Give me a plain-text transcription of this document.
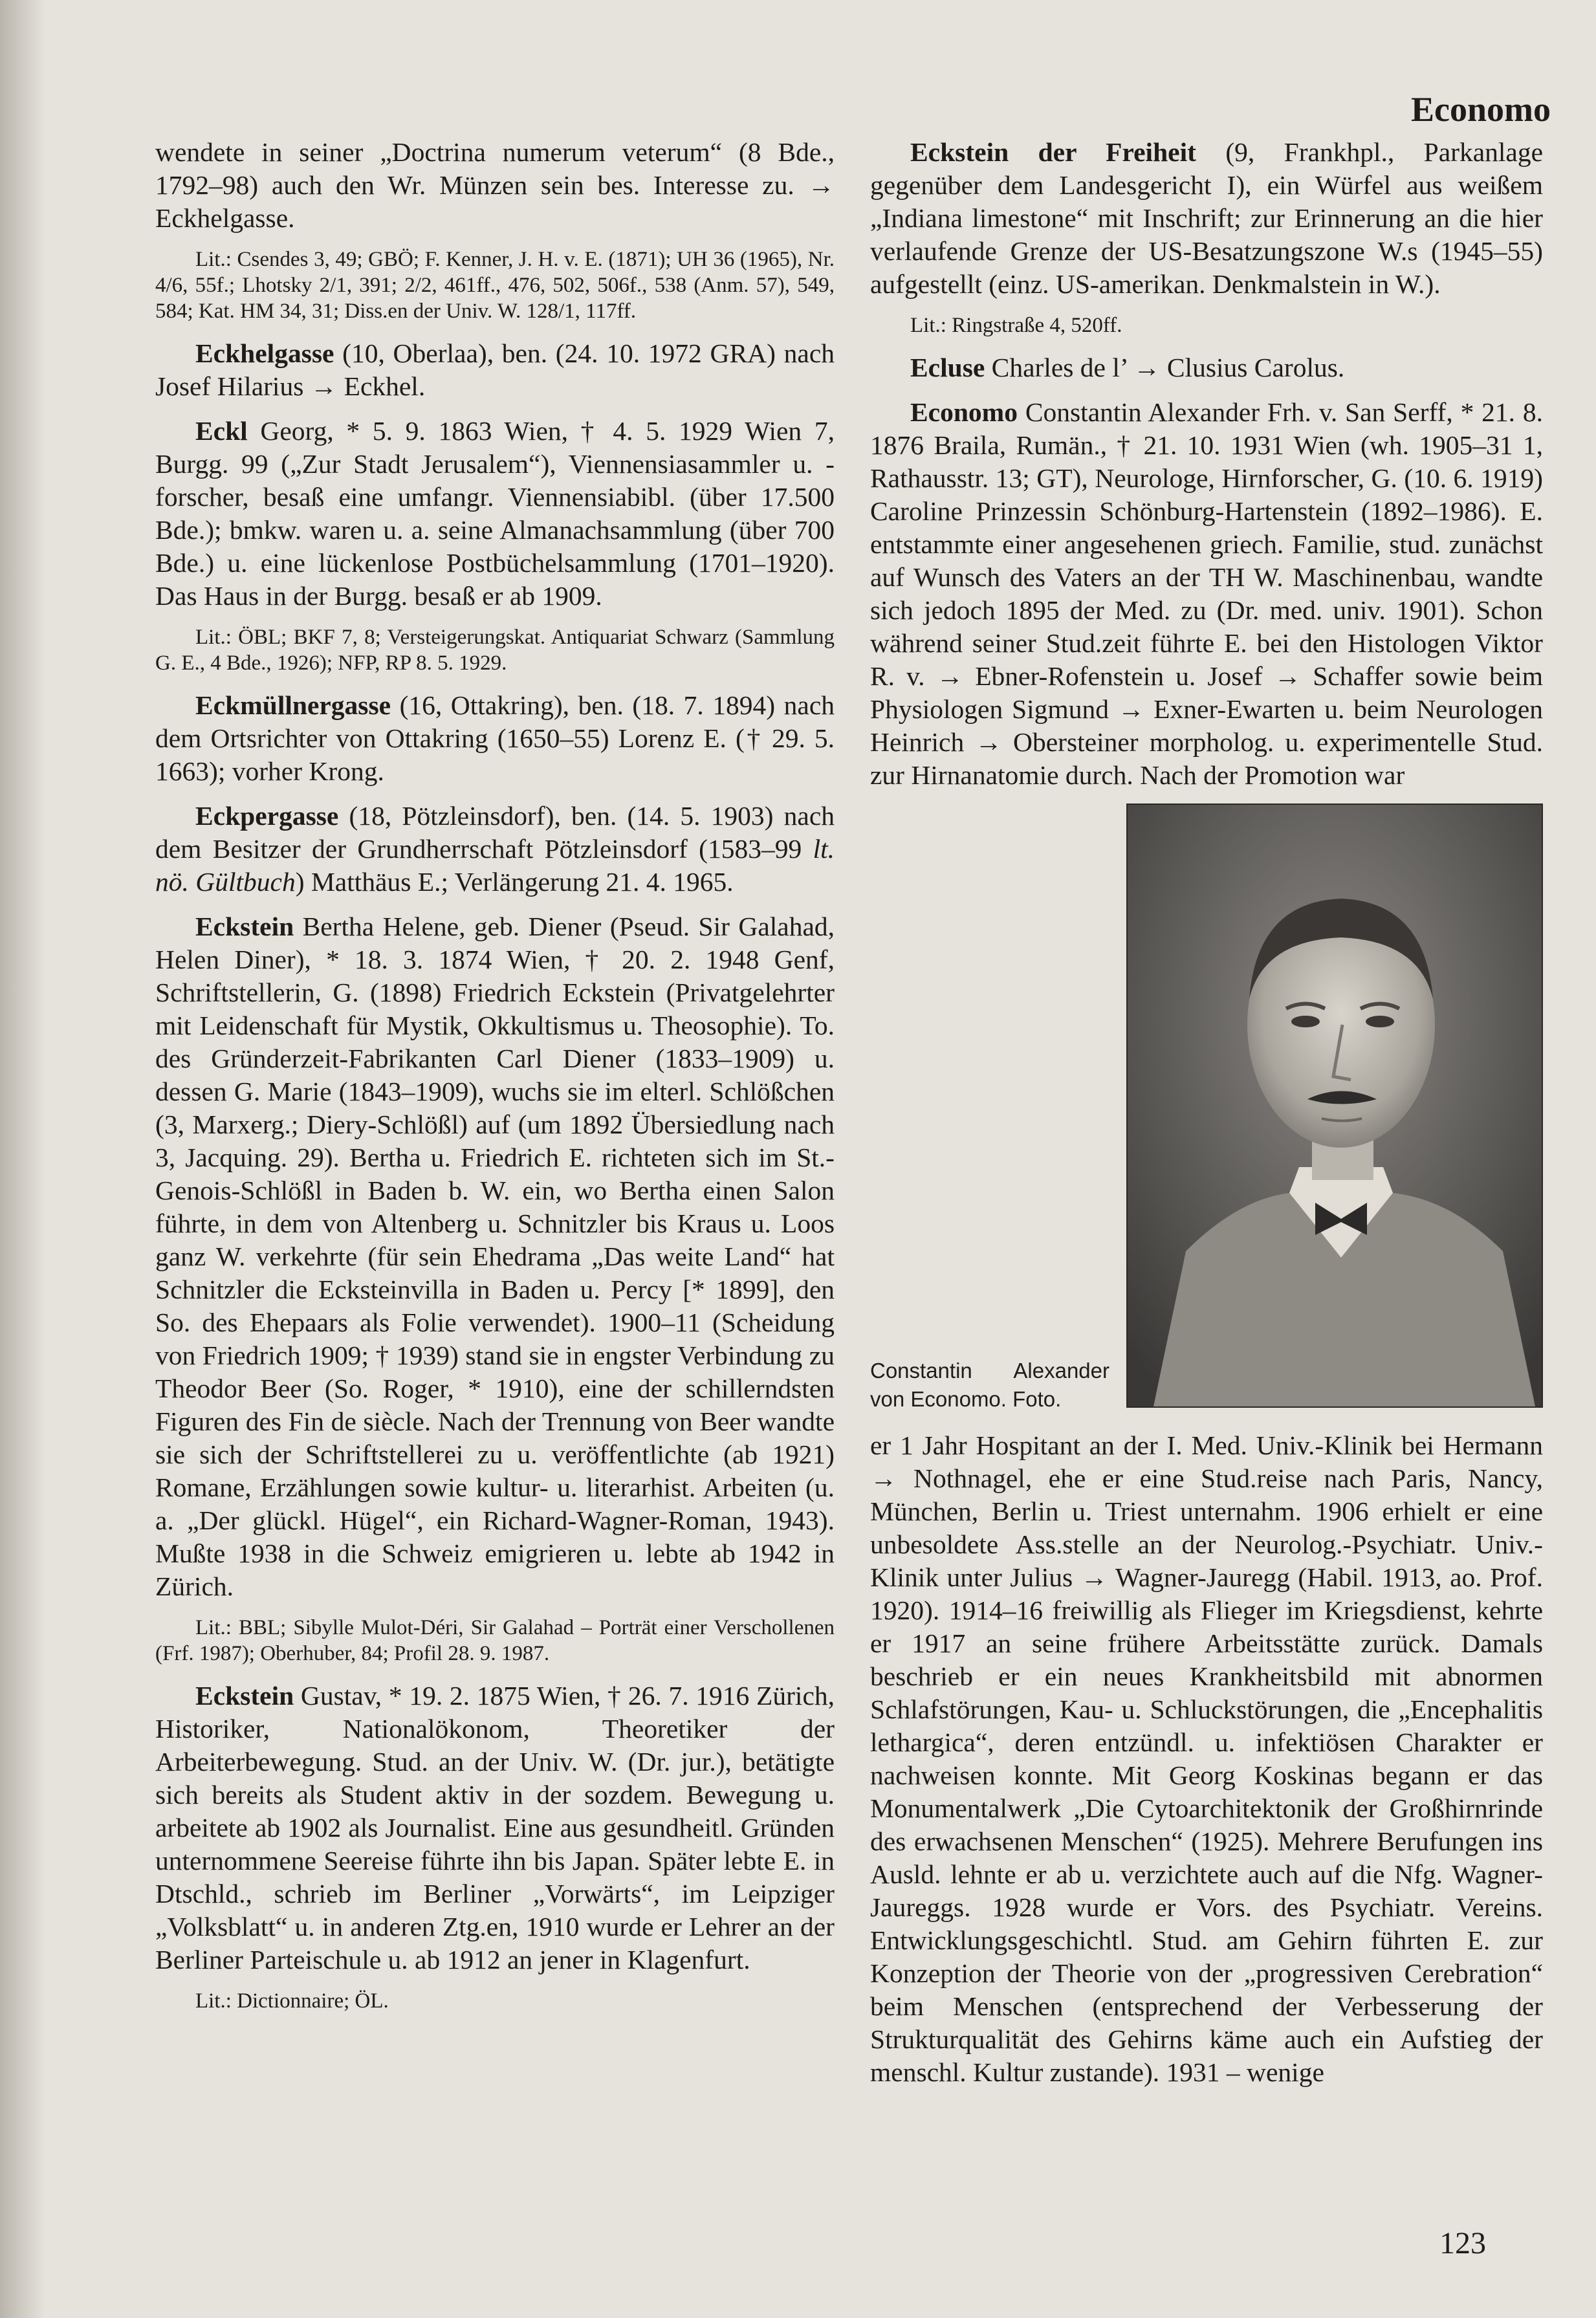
Economo

wendete in seiner „Doctrina numerum veterum“ (8 Bde., 1792–98) auch den Wr. Münzen sein bes. Interesse zu. → Eckhelgasse.

Lit.: Csendes 3, 49; GBÖ; F. Kenner, J. H. v. E. (1871); UH 36 (1965), Nr. 4/6, 55f.; Lhotsky 2/1, 391; 2/2, 461ff., 476, 502, 506f., 538 (Anm. 57), 549, 584; Kat. HM 34, 31; Diss.en der Univ. W. 128/1, 117ff.

Eckhelgasse (10, Oberlaa), ben. (24. 10. 1972 GRA) nach Josef Hilarius → Eckhel.

Eckl Georg, * 5. 9. 1863 Wien, † 4. 5. 1929 Wien 7, Burgg. 99 („Zur Stadt Jerusalem“), Viennensiasammler u. -forscher, besaß eine umfangr. Viennensiabibl. (über 17.500 Bde.); bmkw. waren u. a. seine Almanachsammlung (über 700 Bde.) u. eine lückenlose Postbüchelsammlung (1701–1920). Das Haus in der Burgg. besaß er ab 1909.

Lit.: ÖBL; BKF 7, 8; Versteigerungskat. Antiquariat Schwarz (Sammlung G. E., 4 Bde., 1926); NFP, RP 8. 5. 1929.

Eckmüllnergasse (16, Ottakring), ben. (18. 7. 1894) nach dem Ortsrichter von Ottakring (1650–55) Lorenz E. († 29. 5. 1663); vorher Krong.

Eckpergasse (18, Pötzleinsdorf), ben. (14. 5. 1903) nach dem Besitzer der Grundherrschaft Pötzleinsdorf (1583–99 lt. nö. Gültbuch) Matthäus E.; Verlängerung 21. 4. 1965.

Eckstein Bertha Helene, geb. Diener (Pseud. Sir Galahad, Helen Diner), * 18. 3. 1874 Wien, † 20. 2. 1948 Genf, Schriftstellerin, G. (1898) Friedrich Eckstein (Privatgelehrter mit Leidenschaft für Mystik, Okkultismus u. Theosophie). To. des Gründerzeit-Fabrikanten Carl Diener (1833–1909) u. dessen G. Marie (1843–1909), wuchs sie im elterl. Schlößchen (3, Marxerg.; Diery-Schlößl) auf (um 1892 Übersiedlung nach 3, Jacquing. 29). Bertha u. Friedrich E. richteten sich im St.-Genois-Schlößl in Baden b. W. ein, wo Bertha einen Salon führte, in dem von Altenberg u. Schnitzler bis Kraus u. Loos ganz W. verkehrte (für sein Ehedrama „Das weite Land“ hat Schnitzler die Ecksteinvilla in Baden u. Percy [* 1899], den So. des Ehepaars als Folie verwendet). 1900–11 (Scheidung von Friedrich 1909; † 1939) stand sie in engster Verbindung zu Theodor Beer (So. Roger, * 1910), eine der schillerndsten Figuren des Fin de siècle. Nach der Trennung von Beer wandte sie sich der Schriftstellerei zu u. veröffentlichte (ab 1921) Romane, Erzählungen sowie kultur- u. literarhist. Arbeiten (u. a. „Der glückl. Hügel“, ein Richard-Wagner-Roman, 1943). Mußte 1938 in die Schweiz emigrieren u. lebte ab 1942 in Zürich.

Lit.: BBL; Sibylle Mulot-Déri, Sir Galahad – Porträt einer Verschollenen (Frf. 1987); Oberhuber, 84; Profil 28. 9. 1987.

Eckstein Gustav, * 19. 2. 1875 Wien, † 26. 7. 1916 Zürich, Historiker, Nationalökonom, Theoretiker der Arbeiterbewegung. Stud. an der Univ. W. (Dr. jur.), betätigte sich bereits als Student aktiv in der sozdem. Bewegung u. arbeitete ab 1902 als Journalist. Eine aus gesundheitl. Gründen unternommene Seereise führte ihn bis Japan. Später lebte E. in Dtschld., schrieb im Berliner „Vorwärts“, im Leipziger „Volksblatt“ u. in anderen Ztg.en, 1910 wurde er Lehrer an der Berliner Parteischule u. ab 1912 an jener in Klagenfurt.

Lit.: Dictionnaire; ÖL.

Eckstein der Freiheit (9, Frankhpl., Parkanlage gegenüber dem Landesgericht I), ein Würfel aus weißem „Indiana limestone“ mit Inschrift; zur Erinnerung an die hier verlaufende Grenze der US-Besatzungszone W.s (1945–55) aufgestellt (einz. US-amerikan. Denkmalstein in W.).

Lit.: Ringstraße 4, 520ff.

Ecluse Charles de l’ → Clusius Carolus.

Economo Constantin Alexander Frh. v. San Serff, * 21. 8. 1876 Braila, Rumän., † 21. 10. 1931 Wien (wh. 1905–31 1, Rathausstr. 13; GT), Neurologe, Hirnforscher, G. (10. 6. 1919) Caroline Prinzessin Schönburg-Hartenstein (1892–1986). E. entstammte einer angesehenen griech. Familie, stud. zunächst auf Wunsch des Vaters an der TH W. Maschinenbau, wandte sich jedoch 1895 der Med. zu (Dr. med. univ. 1901). Schon während seiner Stud.zeit führte E. bei den Histologen Viktor R. v. → Ebner-Rofenstein u. Josef → Schaffer sowie beim Physiologen Sigmund → Exner-Ewarten u. beim Neurologen Heinrich → Obersteiner morpholog. u. experimentelle Stud. zur Hirnanatomie durch. Nach der Promotion war

Constantin Alexander von Economo. Foto.

er 1 Jahr Hospitant an der I. Med. Univ.-Klinik bei Hermann → Nothnagel, ehe er eine Stud.reise nach Paris, Nancy, München, Berlin u. Triest unternahm. 1906 erhielt er eine unbesoldete Ass.stelle an der Neurolog.-Psychiatr. Univ.-Klinik unter Julius → Wagner-Jauregg (Habil. 1913, ao. Prof. 1920). 1914–16 freiwillig als Flieger im Kriegsdienst, kehrte er 1917 an seine frühere Arbeitsstätte zurück. Damals beschrieb er ein neues Krankheitsbild mit abnormen Schlafstörungen, Kau- u. Schluckstörungen, die „Encephalitis lethargica“, deren entzündl. u. infektiösen Charakter er nachweisen konnte. Mit Georg Koskinas begann er das Monumentalwerk „Die Cytoarchitektonik der Großhirnrinde des erwachsenen Menschen“ (1925). Mehrere Berufungen ins Ausld. lehnte er ab u. verzichtete auch auf die Nfg. Wagner-Jaureggs. 1928 wurde er Vors. des Psychiatr. Vereins. Entwicklungsgeschichtl. Stud. am Gehirn führten E. zur Konzeption der Theorie von der „progressiven Cerebration“ beim Menschen (entsprechend der Verbesserung der Strukturqualität des Gehirns käme auch ein Aufstieg der menschl. Kultur zustande). 1931 – wenige

123
